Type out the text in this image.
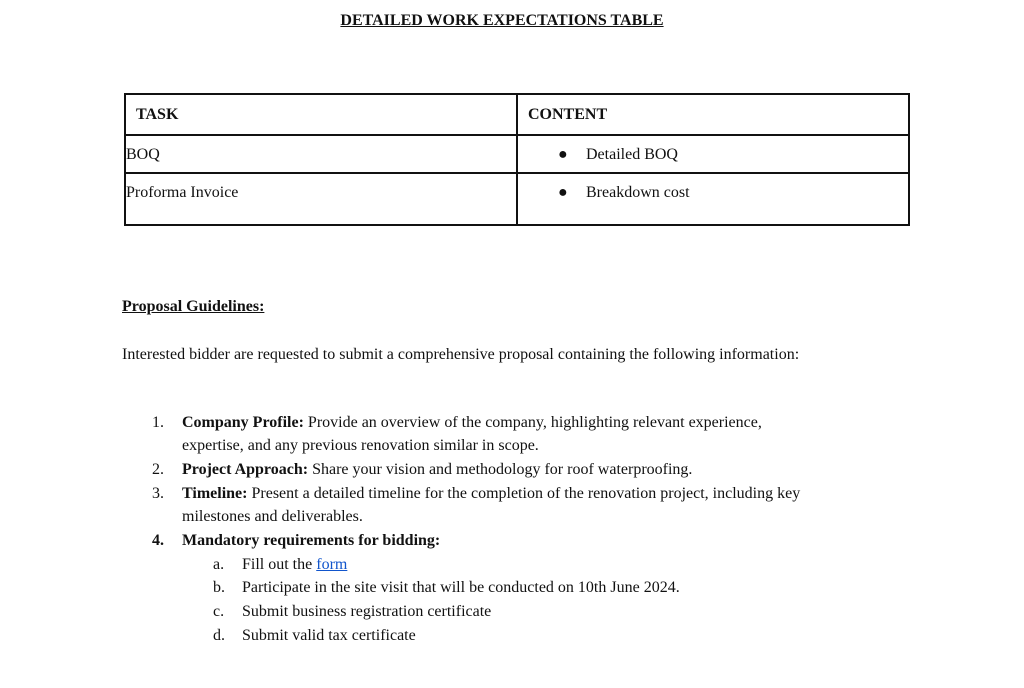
DETAILED WORK EXPECTATIONS TABLE
TASK	CONTENT
BOQ	● Detailed BOQ
Proforma Invoice	● Breakdown cost
Proposal Guidelines:
Interested bidder are requested to submit a comprehensive proposal containing the following information:
1. Company Profile: Provide an overview of the company, highlighting relevant experience, expertise, and any previous renovation similar in scope.
2. Project Approach: Share your vision and methodology for roof waterproofing.
3. Timeline: Present a detailed timeline for the completion of the renovation project, including key milestones and deliverables.
4. Mandatory requirements for bidding:
a. Fill out the form
b. Participate in the site visit that will be conducted on 10th June 2024.
c. Submit business registration certificate
d. Submit valid tax certificate
